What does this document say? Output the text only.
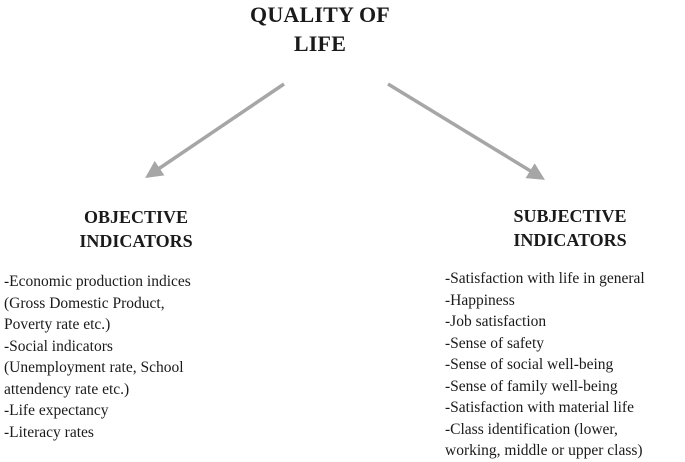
QUALITY OF
LIFE
OBJECTIVE
INDICATORS
-Economic production indices
(Gross Domestic Product,
Poverty rate etc.)
-Social indicators
(Unemployment rate, School
attendency rate etc.)
-Life expectancy
-Literacy rates
SUBJECTIVE
INDICATORS
-Satisfaction with life in general
-Happiness
-Job satisfaction
-Sense of safety
-Sense of social well-being
-Sense of family well-being
-Satisfaction with material life
-Class identification (lower,
working, middle or upper class)
